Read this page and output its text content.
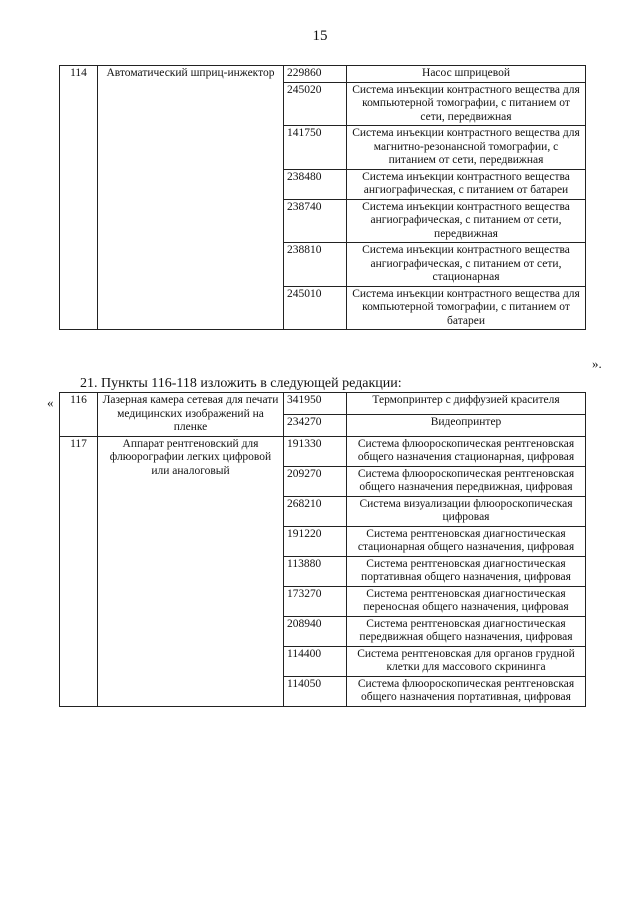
15
114	Автоматический шприц-инжектор	229860	Насос шприцевой
		245020	Система инъекции контрастного вещества для компьютерной томографии, с питанием от сети, передвижная
		141750	Система инъекции контрастного вещества для магнитно-резонансной томографии, с питанием от сети, передвижная
		238480	Система инъекции контрастного вещества ангиографическая, с питанием от батареи
		238740	Система инъекции контрастного вещества ангиографическая, с питанием от сети, передвижная
		238810	Система инъекции контрастного вещества ангиографическая, с питанием от сети, стационарная
		245010	Система инъекции контрастного вещества для компьютерной томографии, с питанием от батареи
».
21. Пункты 116-118 изложить в следующей редакции:
« 116	Лазерная камера сетевая для печати медицинских изображений на пленке	341950	Термопринтер с диффузией красителя
		234270	Видеопринтер
117	Аппарат рентгеновский для флюорографии легких цифровой или аналоговый	191330	Система флюороскопическая рентгеновская общего назначения стационарная, цифровая
		209270	Система флюороскопическая рентгеновская общего назначения передвижная, цифровая
		268210	Система визуализации флюороскопическая цифровая
		191220	Система рентгеновская диагностическая стационарная общего назначения, цифровая
		113880	Система рентгеновская диагностическая портативная общего назначения, цифровая
		173270	Система рентгеновская диагностическая переносная общего назначения, цифровая
		208940	Система рентгеновская диагностическая передвижная общего назначения, цифровая
		114400	Система рентгеновская для органов грудной клетки для массового скрининга
		114050	Система флюороскопическая рентгеновская общего назначения портативная, цифровая
